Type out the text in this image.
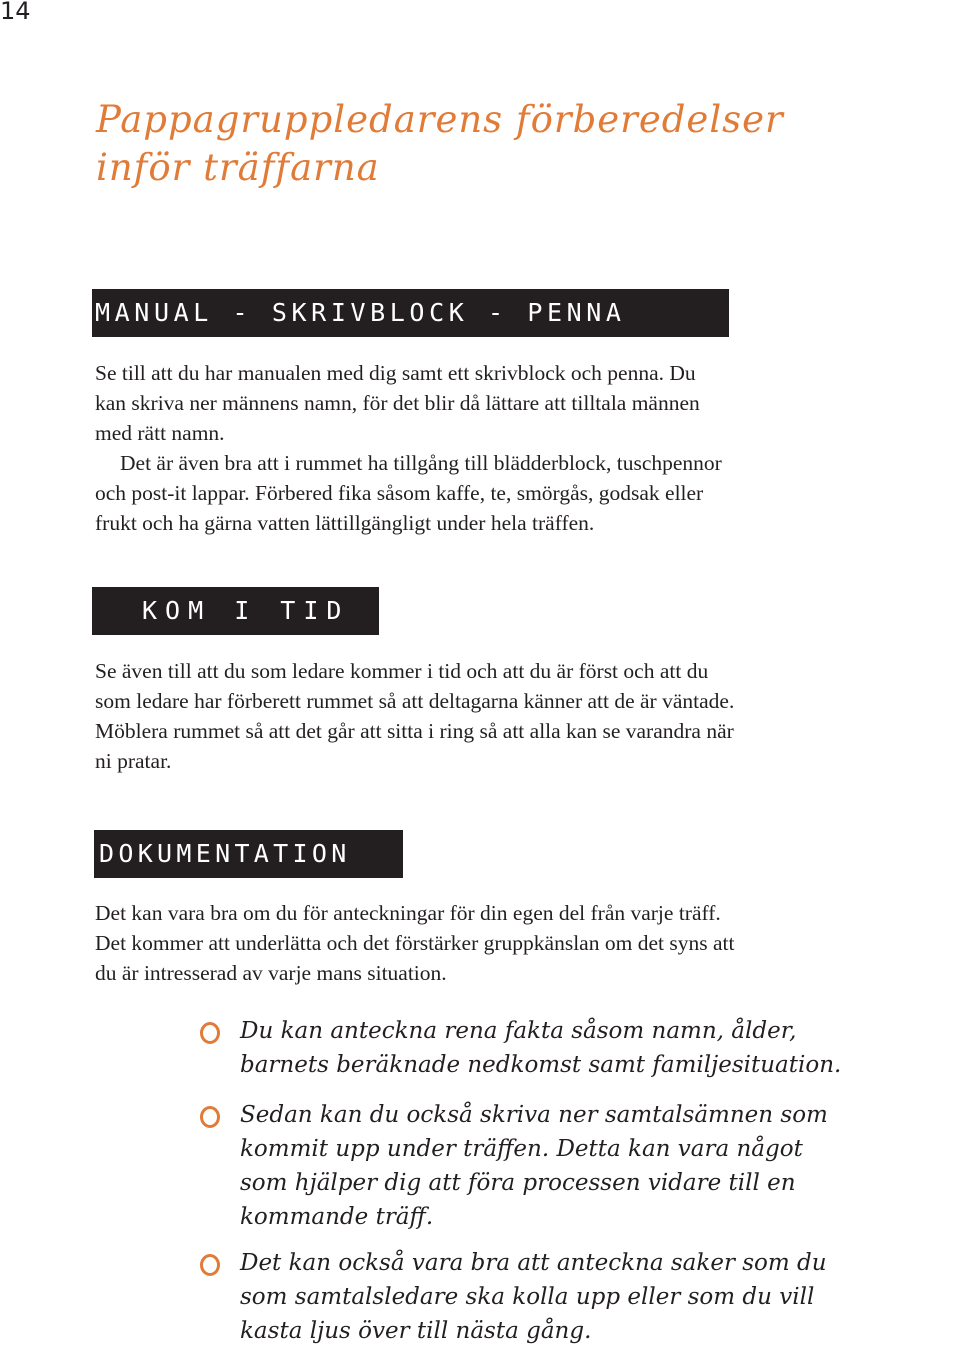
14
Pappagruppledarens förberedelser
inför träffarna
MANUAL - SKRIVBLOCK - PENNA

Se till att du har manualen med dig samt ett skrivblock och penna. Du
kan skriva ner männens namn, för det blir då lättare att tilltala männen
med rätt namn.
Det är även bra att i rummet ha tillgång till blädderblock, tuschpennor
och post-it lappar. Förbered fika såsom kaffe, te, smörgås, godsak eller
frukt och ha gärna vatten lättillgängligt under hela träffen.

KOM I TID

Se även till att du som ledare kommer i tid och att du är först och att du
som ledare har förberett rummet så att deltagarna känner att de är väntade.
Möblera rummet så att det går att sitta i ring så att alla kan se varandra när
ni pratar.

DOKUMENTATION

Det kan vara bra om du för anteckningar för din egen del från varje träff.
Det kommer att underlätta och det förstärker gruppkänslan om det syns att
du är intresserad av varje mans situation.

Du kan anteckna rena fakta såsom namn, ålder,
barnets beräknade nedkomst samt familjesituation.
Sedan kan du också skriva ner samtalsämnen som
kommit upp under träffen. Detta kan vara något
som hjälper dig att föra processen vidare till en
kommande träff.
Det kan också vara bra att anteckna saker som du
som samtalsledare ska kolla upp eller som du vill
kasta ljus över till nästa gång.
